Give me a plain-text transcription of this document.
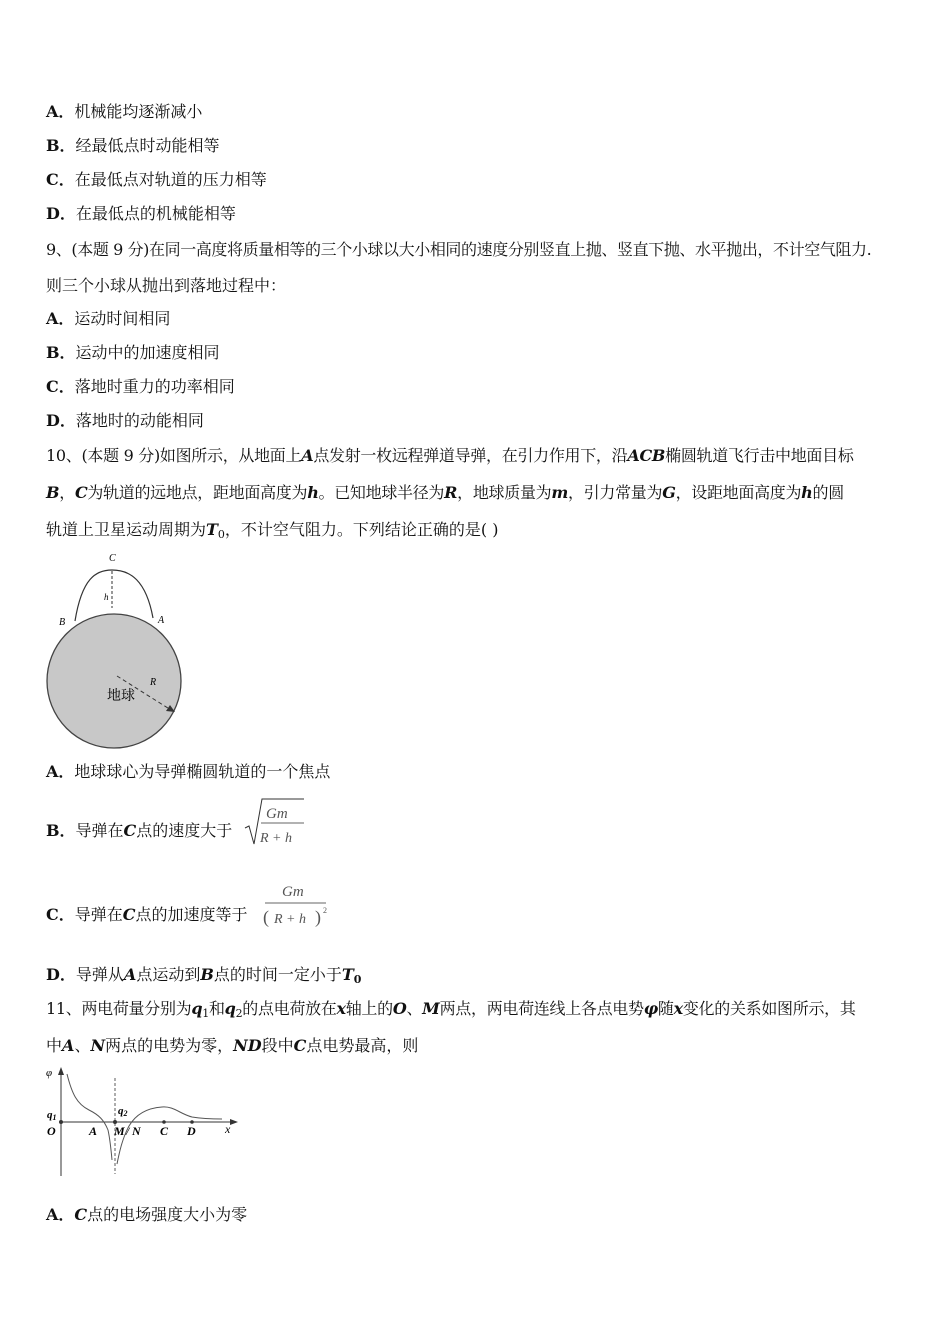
A．机械能均逐渐减小
B．经最低点时动能相等
C．在最低点对轨道的压力相等
D．在最低点的机械能相等
9、(本题 9 分)在同一高度将质量相等的三个小球以大小相同的速度分别竖直上抛、竖直下抛、水平抛出，不计空气阻力.
则三个小球从抛出到落地过程中：
A．运动时间相同
B．运动中的加速度相同
C．落地时重力的功率相同
D．落地时的动能相同
10、(本题 9 分)如图所示，从地面上A点发射一枚远程弹道导弹，在引力作用下，沿ACB椭圆轨道飞行击中地面目标
B，C为轨道的远地点，距地面高度为h。已知地球半径为R，地球质量为m，引力常量为G，设距地面高度为h的圆
轨道上卫星运动周期为$T_0$，不计空气阻力。下列结论正确的是( )
C
h
B	A
R
地球
A．地球球心为导弹椭圆轨道的一个焦点
B．导弹在C点的速度大于
Gm
R + h
C．导弹在C点的加速度等于
Gm
( R + h ) 2
D．导弹从A点运动到B点的时间一定小于$T_0$
11、两电荷量分别为$q_1$和$q_2$的点电荷放在x轴上的O、M两点，两电荷连线上各点电势φ随x变化的关系如图所示，其
中A、N两点的电势为零，ND段中C点电势最高，则
φ
q1
q2
O	A M / N C D x
A．C点的电场强度大小为零
